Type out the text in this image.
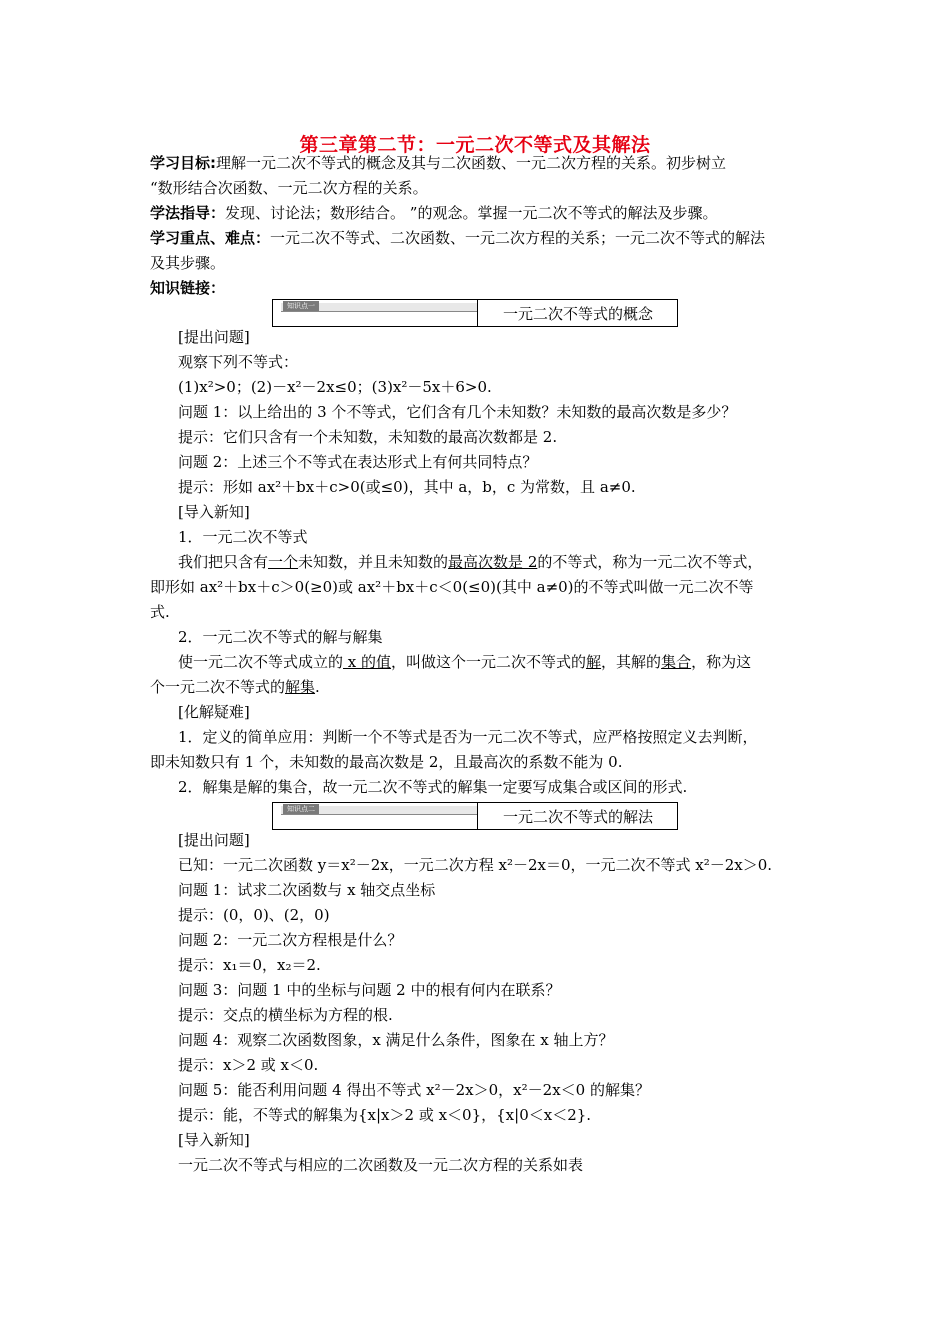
第三章第二节：一元二次不等式及其解法
学习目标:理解一元二次不等式的概念及其与二次函数、一元二次方程的关系。初步树立
“数形结合次函数、一元二次方程的关系。
学法指导：发现、讨论法；数形结合。 ”的观念。掌握一元二次不等式的解法及步骤。
学习重点、难点：一元二次不等式、二次函数、一元二次方程的关系；一元二次不等式的解法
及其步骤。
知识链接：
知识点一	一元二次不等式的概念
[提出问题]
观察下列不等式：
(1)x²>0；(2)－x²－2x≤0；(3)x²－5x＋6>0.
问题 1：以上给出的 3 个不等式，它们含有几个未知数？未知数的最高次数是多少？
提示：它们只含有一个未知数，未知数的最高次数都是 2.
问题 2：上述三个不等式在表达形式上有何共同特点？
提示：形如 ax²＋bx＋c>0(或≤0)，其中 a，b，c 为常数，且 a≠0.
[导入新知]
1．一元二次不等式
我们把只含有一个未知数，并且未知数的最高次数是 2的不等式，称为一元二次不等式，
即形如 ax²＋bx＋c＞0(≥0)或 ax²＋bx＋c＜0(≤0)(其中 a≠0)的不等式叫做一元二次不等
式.
2．一元二次不等式的解与解集
使一元二次不等式成立的 x 的值，叫做这个一元二次不等式的解，其解的集合，称为这
个一元二次不等式的解集.
[化解疑难]
1．定义的简单应用：判断一个不等式是否为一元二次不等式，应严格按照定义去判断，
即未知数只有 1 个，未知数的最高次数是 2，且最高次的系数不能为 0.
2．解集是解的集合，故一元二次不等式的解集一定要写成集合或区间的形式.
知识点二	一元二次不等式的解法
[提出问题]
已知：一元二次函数 y＝x²－2x，一元二次方程 x²－2x＝0，一元二次不等式 x²－2x＞0.
问题 1：试求二次函数与 x 轴交点坐标
提示：(0，0)、(2，0)
问题 2：一元二次方程根是什么？
提示：x₁＝0，x₂＝2.
问题 3：问题 1 中的坐标与问题 2 中的根有何内在联系？
提示：交点的横坐标为方程的根.
问题 4：观察二次函数图象，x 满足什么条件，图象在 x 轴上方？
提示：x＞2 或 x＜0.
问题 5：能否利用问题 4 得出不等式 x²－2x＞0，x²－2x＜0 的解集？
提示：能，不等式的解集为{x|x＞2 或 x＜0}，{x|0＜x＜2}.
[导入新知]
一元二次不等式与相应的二次函数及一元二次方程的关系如表
